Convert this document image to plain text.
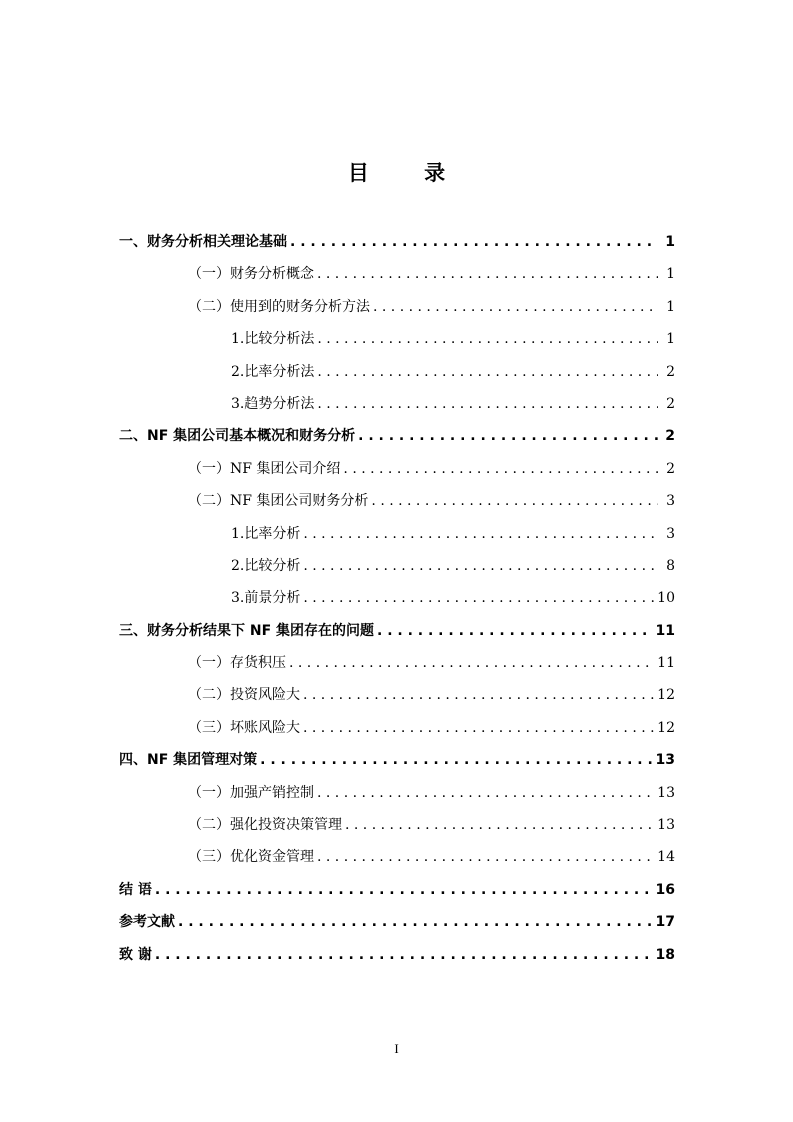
目 录
一、财务分析相关理论基础 . . .	1
（一）财务分析概念 . . .	1
（二）使用到的财务分析方法 . . .	1
1.比较分析法 . . .	1
2.比率分析法 . . .	2
3.趋势分析法 . . .	2
二、NF 集团公司基本概况和财务分析 . . .	2
（一）NF 集团公司介绍 . . .	2
（二）NF 集团公司财务分析 . . .	3
1.比率分析 . . .	3
2.比较分析 . . .	8
3.前景分析 . . .	10
三、财务分析结果下 NF 集团存在的问题 . . .	11
（一）存货积压 . . .	11
（二）投资风险大 . . .	12
（三）坏账风险大 . . .	12
四、NF 集团管理对策 . . .	13
（一）加强产销控制 . . .	13
（二）强化投资决策管理 . . .	13
（三）优化资金管理 . . .	14
结 语 . . .	16
参考文献 . . .	17
致 谢 . . .	18
I
